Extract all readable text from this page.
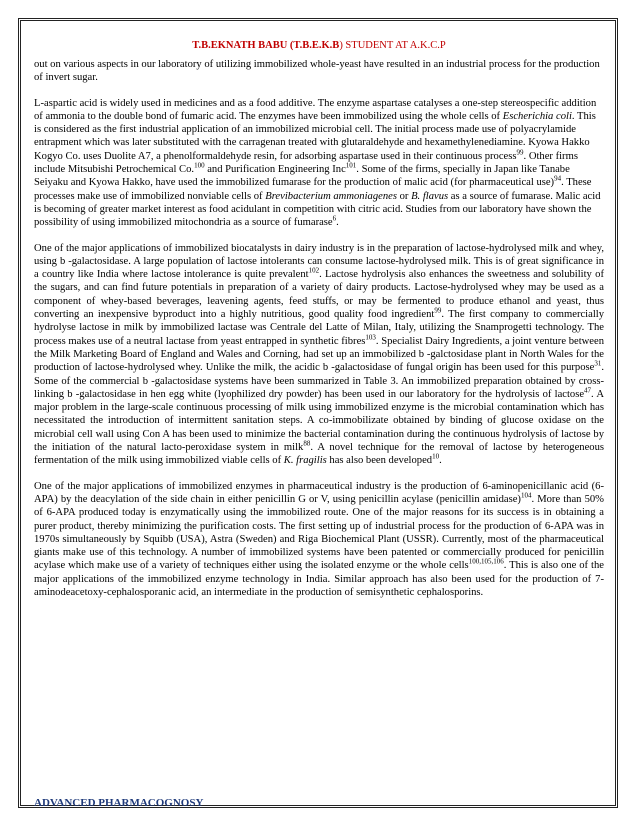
T.B.EKNATH BABU (T.B.E.K.B) STUDENT AT A.K.C.P

out on various aspects in our laboratory of utilizing immobilized whole-yeast have resulted in an industrial process for the production of invert sugar.

L-aspartic acid is widely used in medicines and as a food additive. The enzyme aspartase catalyses a one-step stereospecific addition of ammonia to the double bond of fumaric acid. The enzymes have been immobilized using the whole cells of Escherichia coli. This is considered as the first industrial application of an immobilized microbial cell. The initial process made use of polyacrylamide entrapment which was later substituted with the carragenan treated with glutaraldehyde and hexamethylenediamine. Kyowa Hakko Kogyo Co. uses Duolite A7, a phenolformaldehyde resin, for adsorbing aspartase used in their continuous process$^{99}$. Other firms include Mitsubishi Petrochemical Co.$^{100}$ and Purification Engineering Inc$^{101}$. Some of the firms, specially in Japan like Tanabe Seiyaku and Kyowa Hakko, have used the immobilized fumarase for the production of malic acid (for pharmaceutical use)$^{94}$. These processes make use of immobilized nonviable cells of Brevibacterium ammoniagenes or B. flavus as a source of fumarase. Malic acid is becoming of greater market interest as food acidulant in competition with citric acid. Studies from our laboratory have shown the possibility of using immobilized mitochondria as a source of fumarase$^6$.

One of the major applications of immobilized biocatalysts in dairy industry is in the preparation of lactose-hydrolysed milk and whey, using b -galactosidase. A large population of lactose intolerants can consume lactose-hydrolysed milk. This is of great significance in a country like India where lactose intolerance is quite prevalent$^{102}$. Lactose hydrolysis also enhances the sweetness and solubility of the sugars, and can find future potentials in preparation of a variety of dairy products. Lactose-hydrolysed whey may be used as a component of whey-based beverages, leavening agents, feed stuffs, or may be fermented to produce ethanol and yeast, thus converting an inexpensive byproduct into a highly nutritious, good quality food ingredient$^{99}$. The first company to commercially hydrolyse lactose in milk by immobilized lactase was Centrale del Latte of Milan, Italy, utilizing the Snamprogetti technology. The process makes use of a neutral lactase from yeast entrapped in synthetic fibres$^{103}$. Specialist Dairy Ingredients, a joint venture between the Milk Marketing Board of England and Wales and Corning, had set up an immobilized b -galctosidase plant in North Wales for the production of lactose-hydrolysed whey. Unlike the milk, the acidic b -galactosidase of fungal origin has been used for this purpose$^{31}$. Some of the commercial b -galactosidase systems have been summarized in Table 3. An immobilized preparation obtained by cross-linking b -galactosidase in hen egg white (lyophilized dry powder) has been used in our laboratory for the hydrolysis of lactose$^{47}$. A major problem in the large-scale continuous processing of milk using immobilized enzyme is the microbial contamination which has necessitated the introduction of intermittent sanitation steps. A co-immobilizate obtained by binding of glucose oxidase on the microbial cell wall using Con A has been used to minimize the bacterial contamination during the continuous hydrolysis of lactose by the initiation of the natural lacto-peroxidase system in milk$^{88}$. A novel technique for the removal of lactose by heterogeneous fermentation of the milk using immobilized viable cells of K. fragilis has also been developed$^{10}$.

One of the major applications of immobilized enzymes in pharmaceutical industry is the production of 6-aminopenicillanic acid (6-APA) by the deacylation of the side chain in either penicillin G or V, using penicillin acylase (penicillin amidase)$^{104}$. More than 50% of 6-APA produced today is enzymatically using the immobilized route. One of the major reasons for its success is in obtaining a purer product, thereby minimizing the purification costs. The first setting up of industrial process for the production of 6-APA was in 1970s simultaneously by Squibb (USA), Astra (Sweden) and Riga Biochemical Plant (USSR). Currently, most of the pharmaceutical giants make use of this technology. A number of immobilized systems have been patented or commercially produced for penicillin acylase which make use of a variety of techniques either using the isolated enzyme or the whole cells$^{100,105,106}$. This is also one of the major applications of the immobilized enzyme technology in India. Similar approach has also been used for the production of 7-aminodeacetoxy-cephalosporanic acid, an intermediate in the production of semisynthetic cephalosporins.

ADVANCED PHARMACOGNOSY
